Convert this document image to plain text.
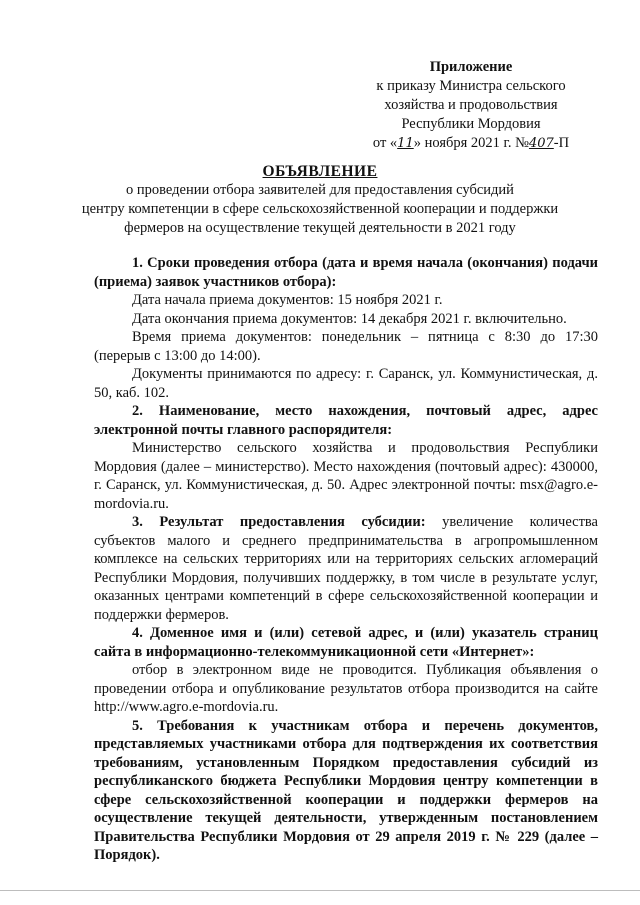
Приложение
к приказу Министра сельского
хозяйства и продовольствия
Республики Мордовия
от «11» ноября 2021 г. №407-П
ОБЪЯВЛЕНИЕ
о проведении отбора заявителей для предоставления субсидий
центру компетенции в сфере сельскохозяйственной кооперации и поддержки
фермеров на осуществление текущей деятельности в 2021 году

1. Сроки проведения отбора (дата и время начала (окончания) подачи (приема) заявок участников отбора):

Дата начала приема документов: 15 ноября 2021 г.

Дата окончания приема документов: 14 декабря 2021 г. включительно.

Время приема документов: понедельник – пятница с 8:30 до 17:30 (перерыв с 13:00 до 14:00).

Документы принимаются по адресу: г. Саранск, ул. Коммунистическая, д. 50, каб. 102.

2. Наименование, место нахождения, почтовый адрес, адрес электронной почты главного распорядителя:

Министерство сельского хозяйства и продовольствия Республики Мордовия (далее – министерство). Место нахождения (почтовый адрес): 430000, г. Саранск, ул. Коммунистическая, д. 50. Адрес электронной почты: msx@agro.e-mordovia.ru.

3. Результат предоставления субсидии: увеличение количества субъектов малого и среднего предпринимательства в агропромышленном комплексе на сельских территориях или на территориях сельских агломераций Республики Мордовия, получивших поддержку, в том числе в результате услуг, оказанных центрами компетенций в сфере сельскохозяйственной кооперации и поддержки фермеров.

4. Доменное имя и (или) сетевой адрес, и (или) указатель страниц сайта в информационно-телекоммуникационной сети «Интернет»:

отбор в электронном виде не проводится. Публикация объявления о проведении отбора и опубликование результатов отбора производится на сайте http://www.agro.e-mordovia.ru.

5. Требования к участникам отбора и перечень документов, представляемых участниками отбора для подтверждения их соответствия требованиям, установленным Порядком предоставления субсидий из республиканского бюджета Республики Мордовия центру компетенции в сфере сельскохозяйственной кооперации и поддержки фермеров на осуществление текущей деятельности, утвержденным постановлением Правительства Республики Мордовия от 29 апреля 2019 г. № 229 (далее – Порядок).
